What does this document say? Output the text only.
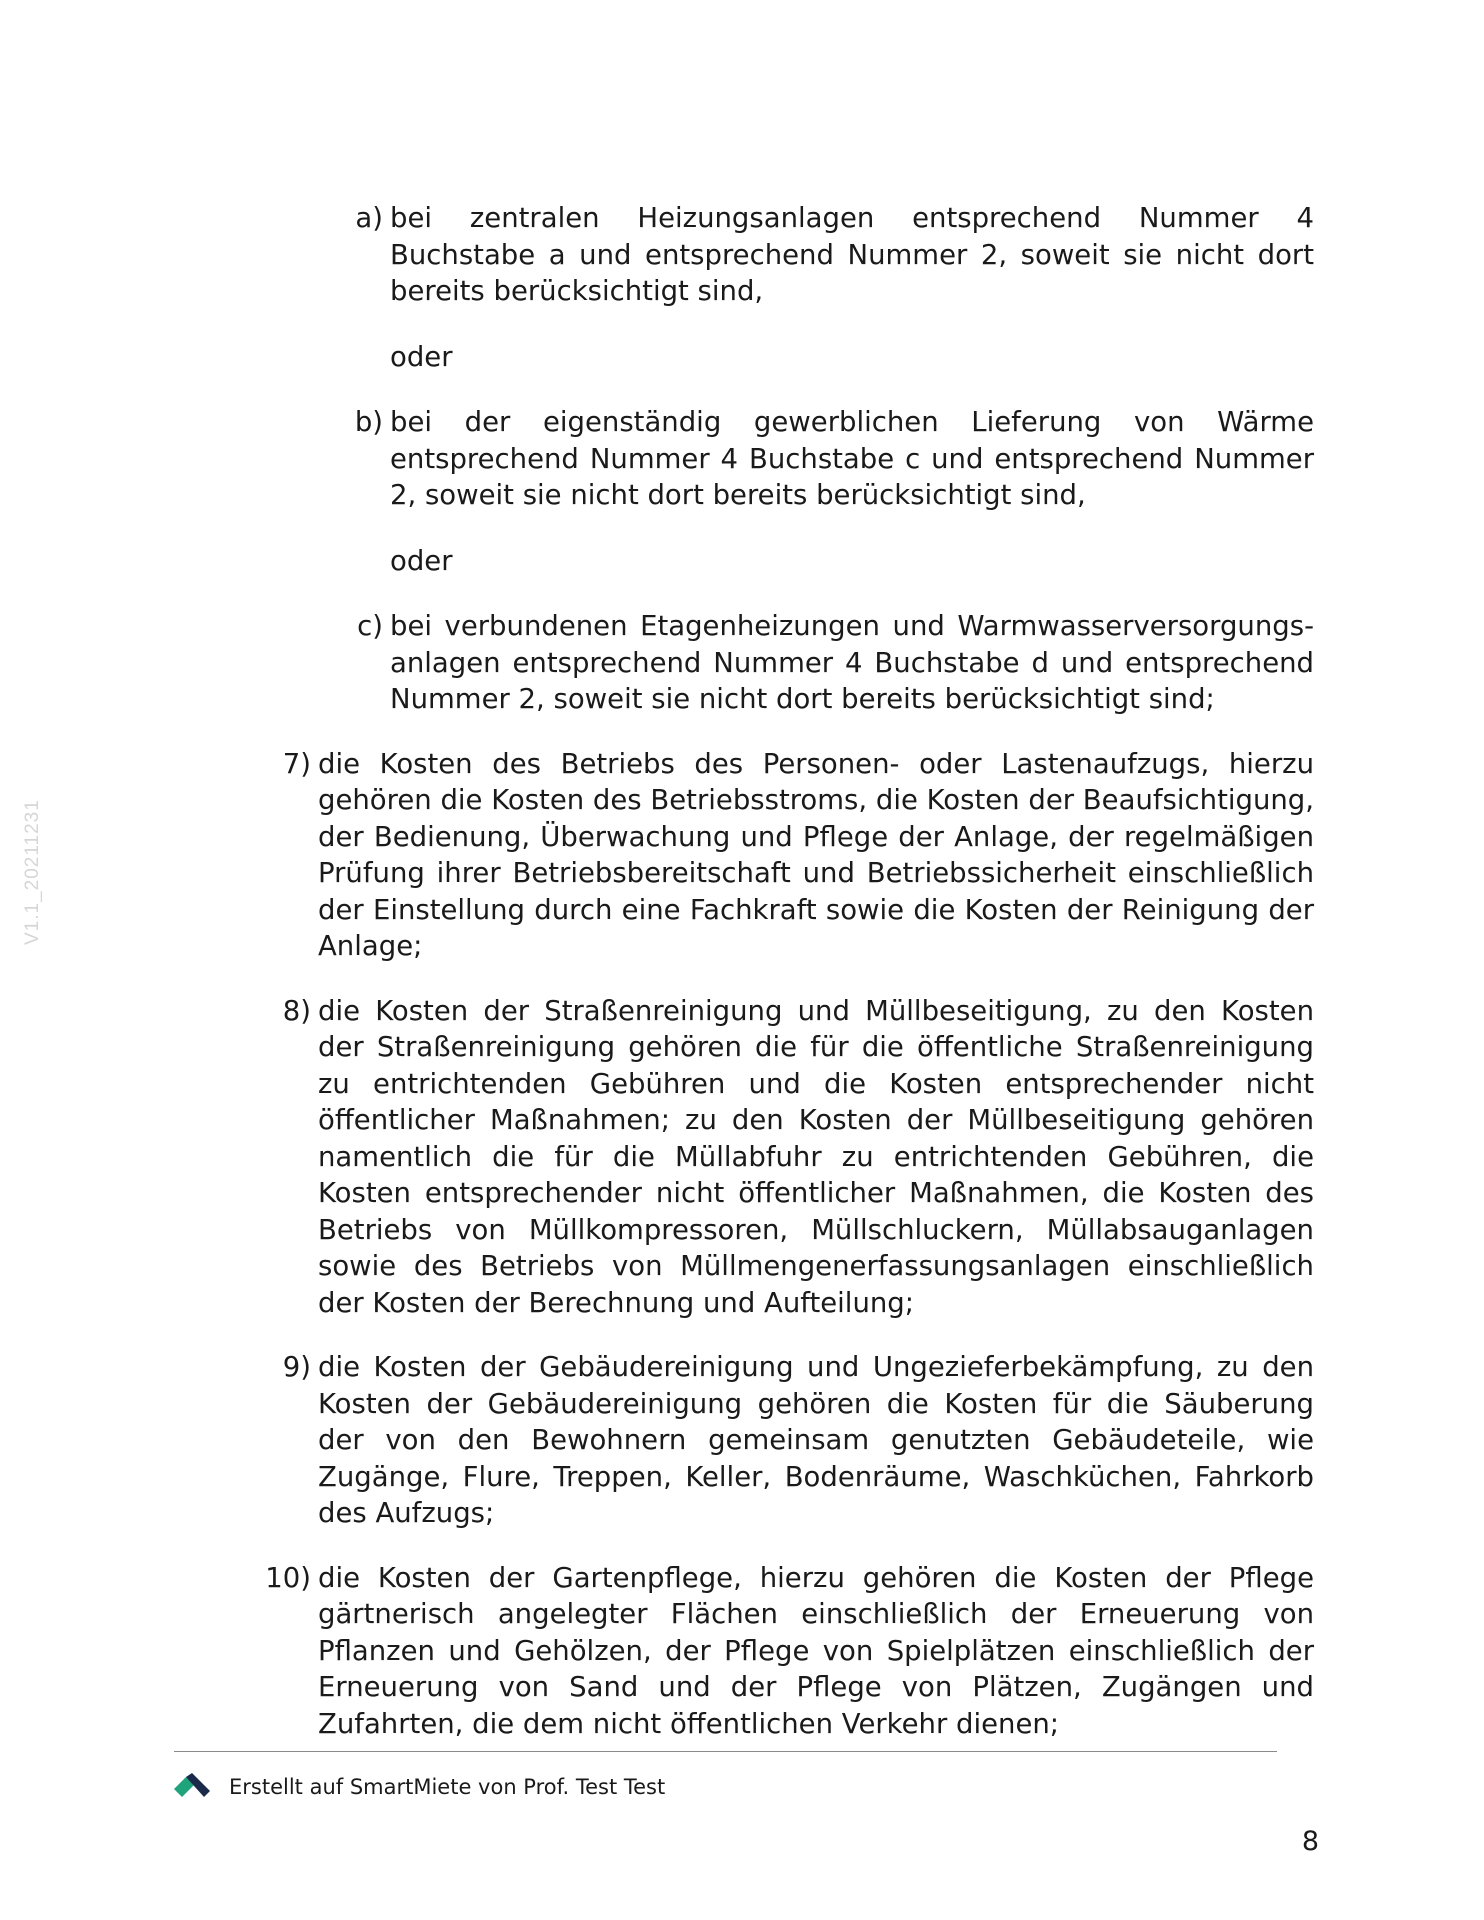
V1.1_20211231
a) bei zentralen Heizungsanlagen entsprechend Nummer 4 Buchstabe a und entsprechend Nummer 2, soweit sie nicht dort bereits berücksichtigt sind,
oder
b) bei der eigenständig gewerblichen Lieferung von Wärme entsprechend Nummer 4 Buchstabe c und entsprechend Nummer 2, soweit sie nicht dort bereits berücksichtigt sind,
oder
c) bei verbundenen Etagenheizungen und Warmwasserversorgungsanlagen entsprechend Nummer 4 Buchstabe d und entsprechend Nummer 2, soweit sie nicht dort bereits berücksichtigt sind;
7) die Kosten des Betriebs des Personen- oder Lastenaufzugs, hierzu gehören die Kosten des Betriebsstroms, die Kosten der Beaufsichtigung, der Bedienung, Überwachung und Pflege der Anlage, der regelmäßigen Prüfung ihrer Betriebsbereitschaft und Betriebssicherheit einschließlich der Einstellung durch eine Fachkraft sowie die Kosten der Reinigung der Anlage;
8) die Kosten der Straßenreinigung und Müllbeseitigung, zu den Kosten der Straßenreinigung gehören die für die öffentliche Straßenreinigung zu entrichtenden Gebühren und die Kosten entsprechender nicht öffentlicher Maßnahmen; zu den Kosten der Müllbeseitigung gehören namentlich die für die Müllabfuhr zu entrichtenden Gebühren, die Kosten entsprechender nicht öffentlicher Maßnahmen, die Kosten des Betriebs von Müllkompressoren, Müllschluckern, Müllabsauganlagen sowie des Betriebs von Müllmengenerfassungsanlagen einschließlich der Kosten der Berechnung und Aufteilung;
9) die Kosten der Gebäudereinigung und Ungezieferbekämpfung, zu den Kosten der Gebäudereinigung gehören die Kosten für die Säuberung der von den Bewohnern gemeinsam genutzten Gebäudeteile, wie Zugänge, Flure, Treppen, Keller, Bodenräume, Waschküchen, Fahrkorb des Aufzugs;
10) die Kosten der Gartenpflege, hierzu gehören die Kosten der Pflege gärtnerisch angelegter Flächen einschließlich der Erneuerung von Pflanzen und Gehölzen, der Pflege von Spielplätzen einschließlich der Erneuerung von Sand und der Pflege von Plätzen, Zugängen und Zufahrten, die dem nicht öffentlichen Verkehr dienen;
Erstellt auf SmartMiete von Prof. Test Test
8
